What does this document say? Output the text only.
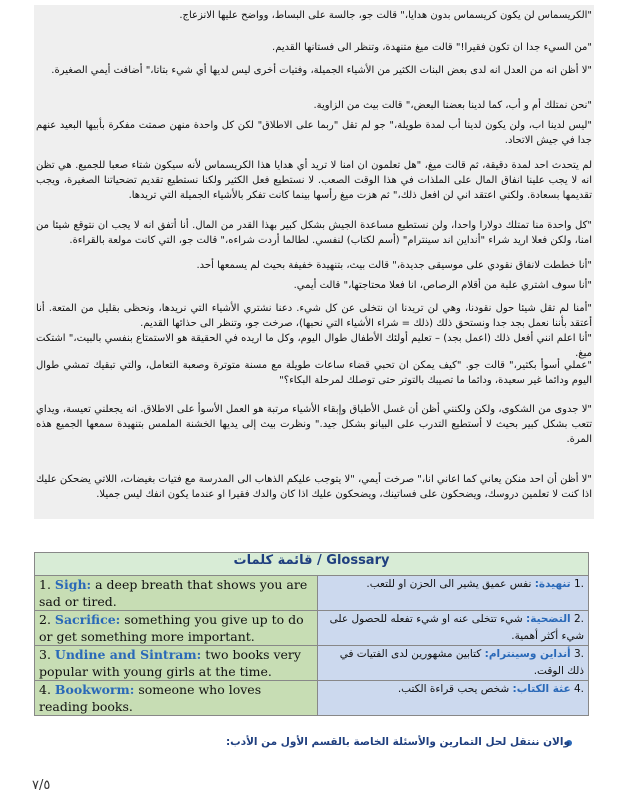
"الكريسماس لن يكون كريسماس بدون هدايا،" قالت جو، جالسة على البساط، وواضح عليها الانزعاج.

"من السيء جدا ان تكون فقيرا!" قالت ميغ متنهدة، وتنظر الى فستانها القديم.

"لا أظن انه من العدل انه لدى بعض البنات الكثير من الأشياء الجميلة، وفتيات أخرى ليس لديها أي شيء بتاتا،" أضافت أيمي الصغيرة.

"نحن نمتلك أم و أب، كما لدينا بعضنا البعض،" قالت بيث من الزاوية.

"ليس لدينا اب، ولن يكون لدينا أب لمدة طويلة،" جو لم تقل "ربما على الاطلاق" لكن كل واحدة منهن صمتت مفكرة بأبيها البعيد عنهم جدا في جيش الاتحاد.

لم يتحدث احد لمدة دقيقة، ثم قالت ميغ، "هل تعلمون ان امنا لا تريد أي هدايا هذا الكريسماس لأنه سيكون شتاء صعبا للجميع. هي تظن انه لا يجب علينا انفاق المال على الملذات في هذا الوقت الصعب. لا نستطيع فعل الكثير ولكنا نستطيع تقديم تضحياتنا الصغيرة، ويجب تقديمها بسعادة. ولكني اعتقد اني لن افعل ذلك،" ثم هزت ميغ رأسها بينما كانت تفكر بالأشياء الجميلة التي تريدها.

"كل واحدة منا تمتلك دولارا واحدا، ولن نستطيع مساعدة الجيش بشكل كبير بهذا القدر من المال. أنا أتفق انه لا يجب ان نتوقع شيئا من امنا، ولكن فعلا اريد شراء "أنداين اند سينترام" (أسم لكتاب) لنفسي. لطالما أردت شراءه،" قالت جو، التي كانت مولعة بالقراءة.

"أنا خططت لانفاق نقودي على موسيقى جديدة،" قالت بيث، بتنهيدة خفيفة بحيث لم يسمعها أحد.

"أنا سوف اشتري علبة من أقلام الرصاص، انا فعلا محتاجتها،" قالت أيمي.

"أمنا لم تقل شيئا حول نقودنا، وهي لن تريدنا ان نتخلى عن كل شيء. دعنا نشتري الأشياء التي نريدها، ونحظى بقليل من المتعة. أنا أعتقد بأننا نعمل بجد جدا ونستحق ذلك (ذلك = شراء الأشياء التي نحبها)، صرخت جو، وتنظر الى حذائها القديم.

"أنا اعلم انني أفعل ذلك (اعمل بجد) – تعليم أولئك الأطفال طوال اليوم، وكل ما اريده في الحقيقة هو الاستمتاع بنفسي بالبيت،" اشتكت ميغ.

"عملي أسوأ بكثير،" قالت جو. "كيف يمكن ان تحبي قضاء ساعات طويلة مع مسنة متوترة وصعبة التعامل، والتي تبقيك تمشي طوال اليوم ودائما غير سعيدة، ودائما ما تصيبك بالتوتر حتى توصلك لمرحلة البكاء؟"

"لا جدوى من الشكوى، ولكن ولكنني أظن أن غسل الأطباق وإبقاء الأشياء مرتبة هو العمل الأسوأ على الاطلاق. انه يجعلني تعيسة، ويداي تتعب بشكل كبير بحيث لا أستطيع التدرب على البيانو بشكل جيد." ونظرت بيث إلى يديها الخشنة الملمس بتنهيدة سمعها الجميع هذه المرة.

"لا أظن أن احد منكن يعاني كما اعاني انا،" صرخت أيمي، "لا يتوجب عليكم الذهاب الى المدرسة مع فتيات بغيضات، اللاتي يضحكن عليك اذا كنت لا تعلمين دروسك، ويضحكون على فساتينك، ويضحكون عليك اذا كان والدك فقيرا او عندما يكون انفك ليس جميلا.

قائمة كلمات / Glossary	
1. Sigh: a deep breath that shows you are sad or tired.	.1 تنهيدة: نفس عميق يشير الى الحزن او للتعب.
2. Sacrifice: something you give up to do or get something more important.	.2 التضحية: شيء تتخلى عنه او شيء تفعله للحصول على شيء أكثر أهمية.
3. Undine and Sintram: two books very popular with young girls at the time.	.3 أنداين وسينترام: كتابين مشهورين لدى الفتيات في ذلك الوقت.
4. Bookworm: someone who loves reading books.	.4 عثة الكتاب: شخص يحب قراءة الكتب.
والان ننتقل لحل التمارين والأسئلة الخاصة بالقسم الأول من الأدب:
٧/٥
